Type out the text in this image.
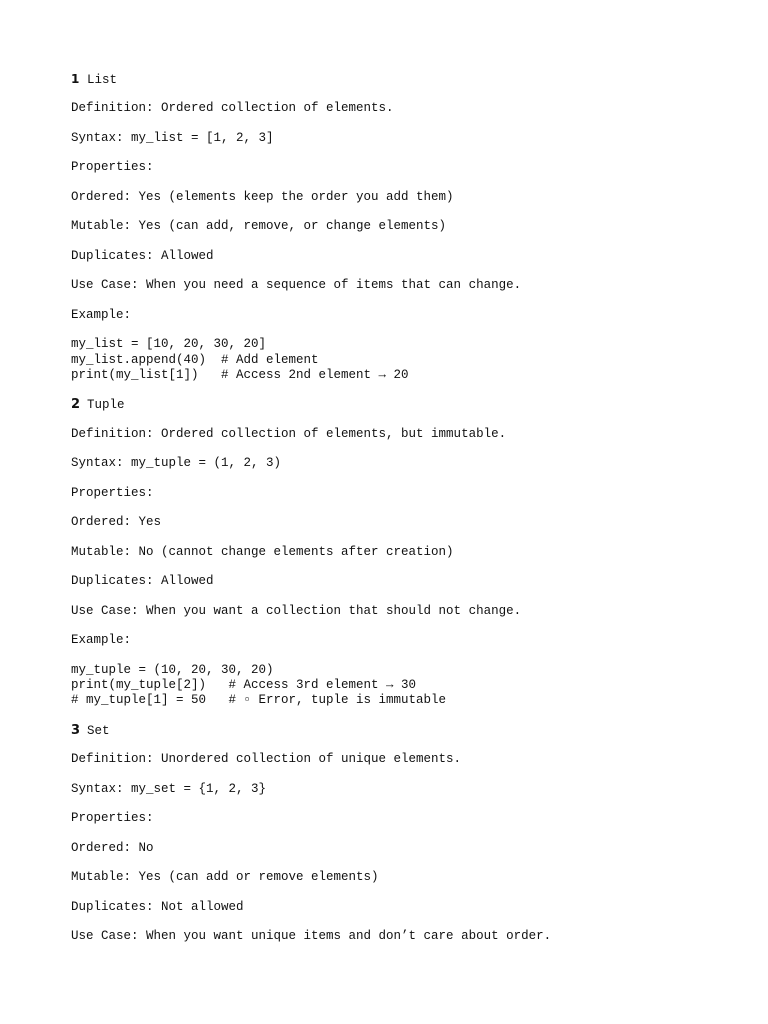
1 List
Definition: Ordered collection of elements.
Syntax: my_list = [1, 2, 3]
Properties:
Ordered: Yes (elements keep the order you add them)
Mutable: Yes (can add, remove, or change elements)
Duplicates: Allowed
Use Case: When you need a sequence of items that can change.
Example:
my_list = [10, 20, 30, 20]
my_list.append(40)  # Add element
print(my_list[1])   # Access 2nd element → 20
2 Tuple
Definition: Ordered collection of elements, but immutable.
Syntax: my_tuple = (1, 2, 3)
Properties:
Ordered: Yes
Mutable: No (cannot change elements after creation)
Duplicates: Allowed
Use Case: When you want a collection that should not change.
Example:
my_tuple = (10, 20, 30, 20)
print(my_tuple[2])   # Access 3rd element → 30
# my_tuple[1] = 50   # ▫ Error, tuple is immutable
3 Set
Definition: Unordered collection of unique elements.
Syntax: my_set = {1, 2, 3}
Properties:
Ordered: No
Mutable: Yes (can add or remove elements)
Duplicates: Not allowed
Use Case: When you want unique items and don’t care about order.
